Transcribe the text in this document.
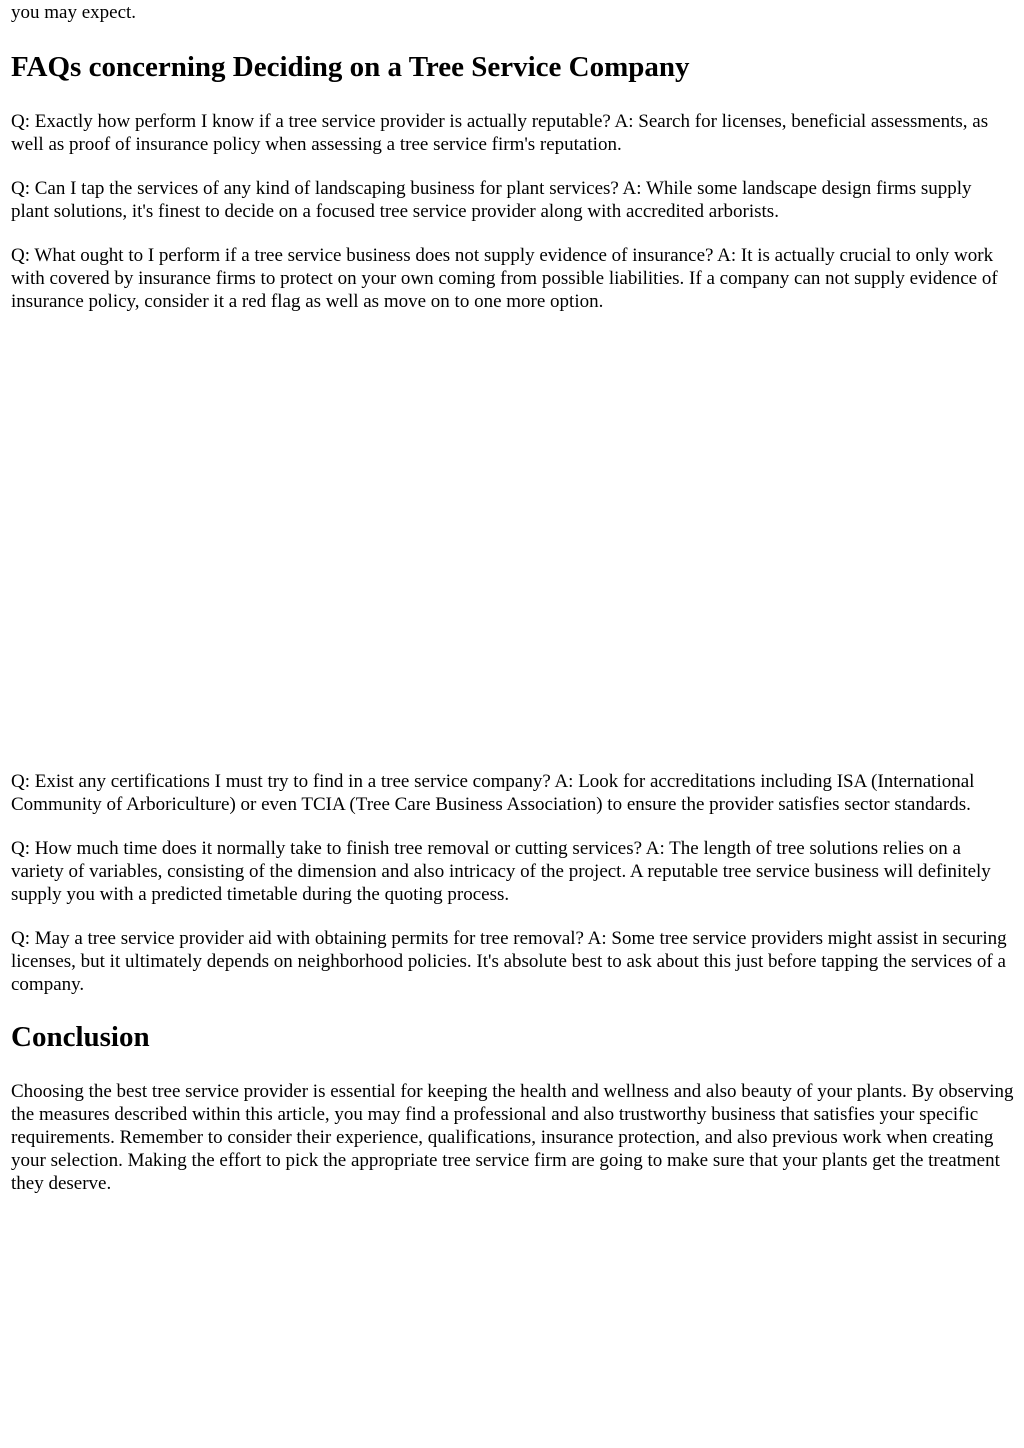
you may expect.

FAQs concerning Deciding on a Tree Service Company

Q: Exactly how perform I know if a tree service provider is actually reputable? A: Search for licenses, beneficial assessments, as well as proof of insurance policy when assessing a tree service firm's reputation.

Q: Can I tap the services of any kind of landscaping business for plant services? A: While some landscape design firms supply plant solutions, it's finest to decide on a focused tree service provider along with accredited arborists.

Q: What ought to I perform if a tree service business does not supply evidence of insurance? A: It is actually crucial to only work with covered by insurance firms to protect on your own coming from possible liabilities. If a company can not supply evidence of insurance policy, consider it a red flag as well as move on to one more option.

Q: Exist any certifications I must try to find in a tree service company? A: Look for accreditations including ISA (International Community of Arboriculture) or even TCIA (Tree Care Business Association) to ensure the provider satisfies sector standards.

Q: How much time does it normally take to finish tree removal or cutting services? A: The length of tree solutions relies on a variety of variables, consisting of the dimension and also intricacy of the project. A reputable tree service business will definitely supply you with a predicted timetable during the quoting process.

Q: May a tree service provider aid with obtaining permits for tree removal? A: Some tree service providers might assist in securing licenses, but it ultimately depends on neighborhood policies. It's absolute best to ask about this just before tapping the services of a company.

Conclusion

Choosing the best tree service provider is essential for keeping the health and wellness and also beauty of your plants. By observing the measures described within this article, you may find a professional and also trustworthy business that satisfies your specific requirements. Remember to consider their experience, qualifications, insurance protection, and also previous work when creating your selection. Making the effort to pick the appropriate tree service firm are going to make sure that your plants get the treatment they deserve.
